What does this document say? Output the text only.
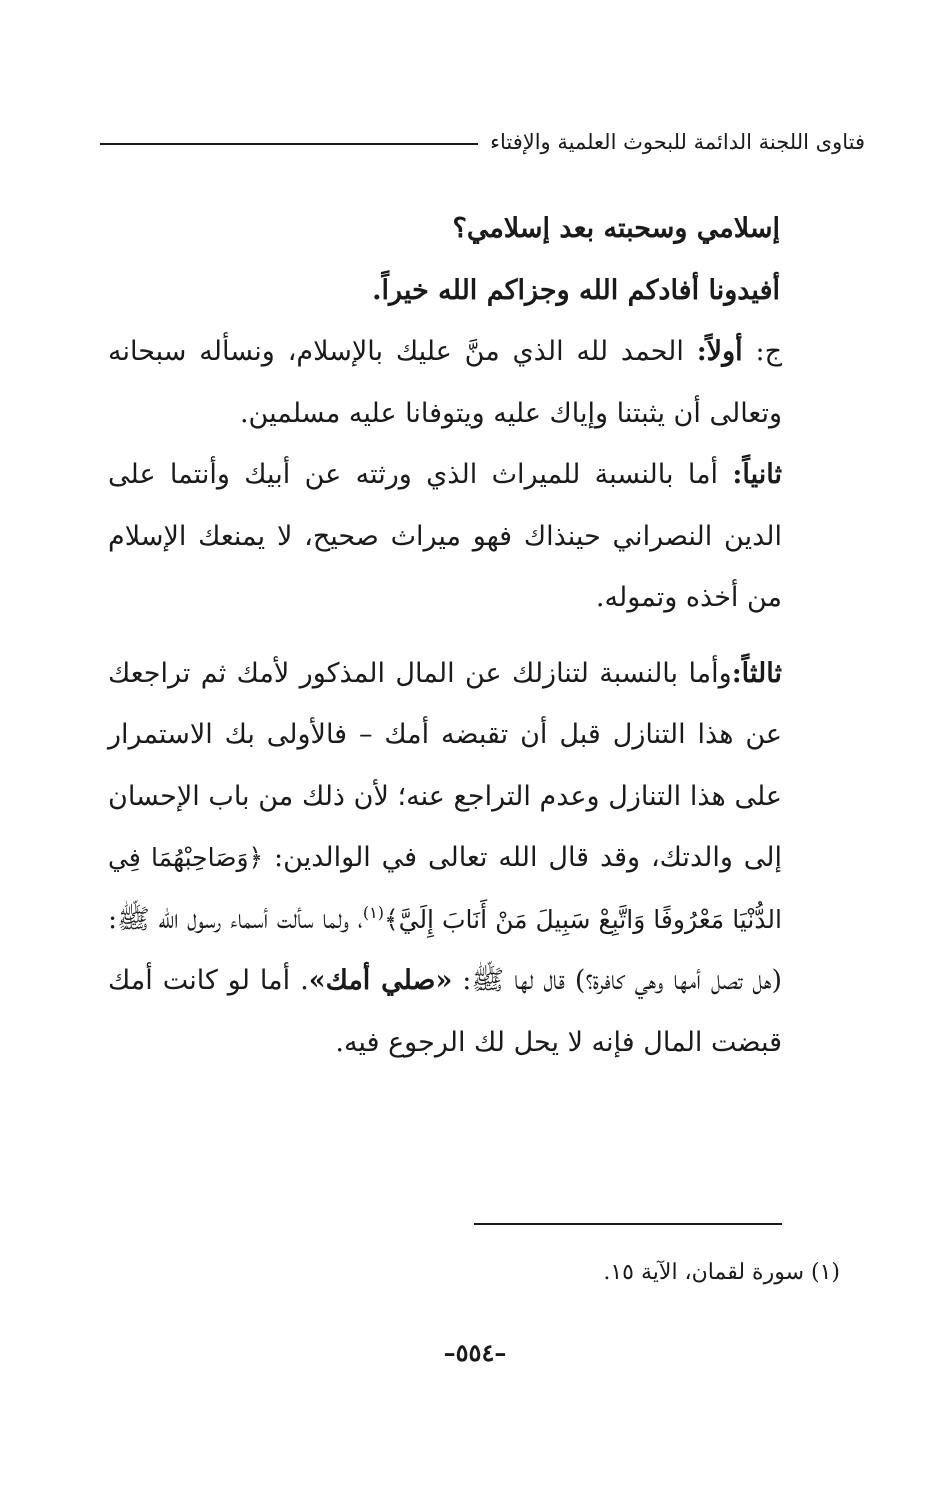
فتاوى اللجنة الدائمة للبحوث العلمية والإفتاء

إسلامي وسحبته بعد إسلامي؟

أفيدونا أفادكم الله وجزاكم الله خيراً.

ج: أولاً: الحمد لله الذي منَّ عليك بالإسلام، ونسأله سبحانه وتعالى أن يثبتنا وإياك عليه ويتوفانا عليه مسلمين.

ثانياً: أما بالنسبة للميراث الذي ورثته عن أبيك وأنتما على الدين النصراني حينذاك فهو ميراث صحيح، لا يمنعك الإسلام من أخذه وتموله.

ثالثاً:وأما بالنسبة لتنازلك عن المال المذكور لأمك ثم تراجعك عن هذا التنازل قبل أن تقبضه أمك – فالأولى بك الاستمرار على هذا التنازل وعدم التراجع عنه؛ لأن ذلك من باب الإحسان إلى والدتك، وقد قال الله تعالى في الوالدين: ﴿وَصَاحِبْهُمَا فِي الدُّنْيَا مَعْرُوفًا وَاتَّبِعْ سَبِيلَ مَنْ أَنَابَ إِلَيَّ﴾$^{(١)}$، ولما سألت أسماء رسول الله ﷺ: (هل تصل أمها وهي كافرة؟) قال لها ﷺ: «صلي أمك». أما لو كانت أمك قبضت المال فإنه لا يحل لك الرجوع فيه.

(١) سورة لقمان، الآية ١٥.
–٥٥٤–
